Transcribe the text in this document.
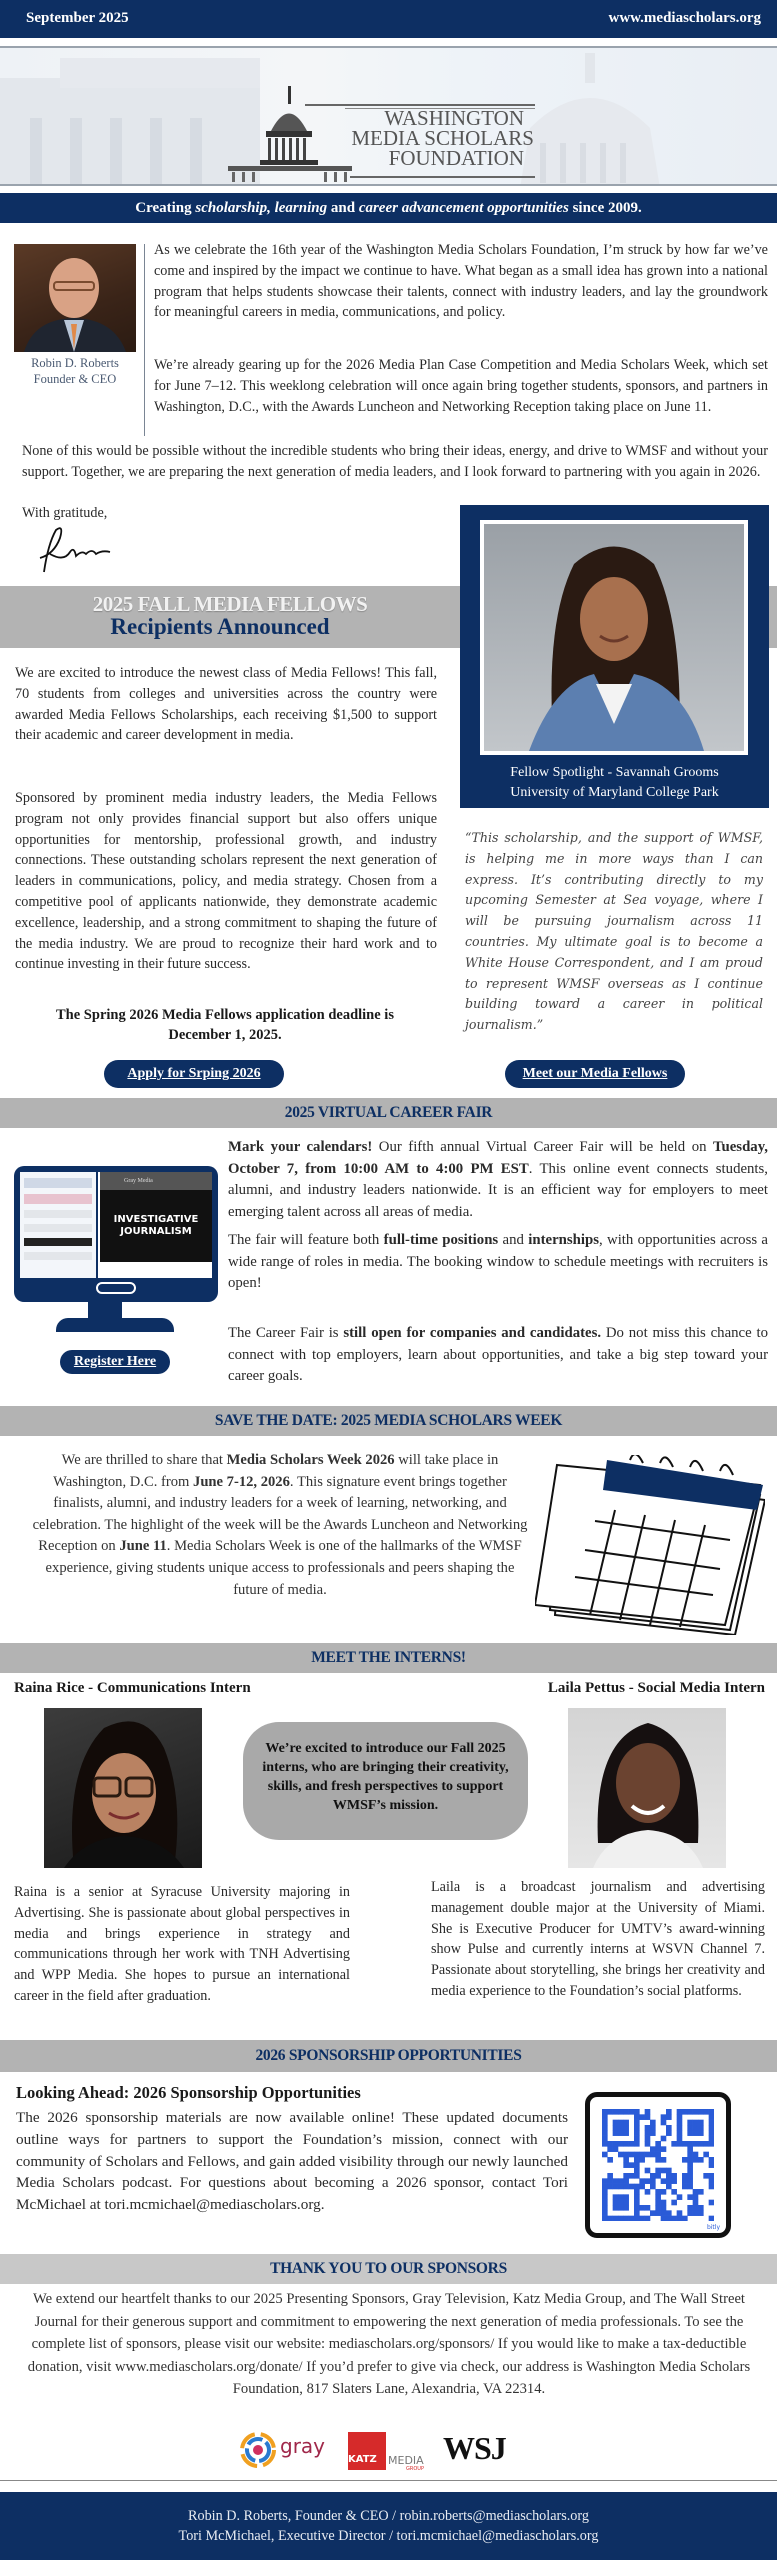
September 2025	www.mediascholars.org
WASHINGTON
MEDIA SCHOLARS
FOUNDATION
Creating scholarship, learning and career advancement opportunities since 2009.
Robin D. Roberts
Founder & CEO
As we celebrate the 16th year of the Washington Media Scholars Foundation, I’m struck by how far we’ve come and inspired by the impact we continue to have. What began as a small idea has grown into a national program that helps students showcase their talents, connect with industry leaders, and lay the groundwork for meaningful careers in media, communications, and policy.
We’re already gearing up for the 2026 Media Plan Case Competition and Media Scholars Week, which set for June 7–12. This weeklong celebration will once again bring together students, sponsors, and partners in Washington, D.C., with the Awards Luncheon and Networking Reception taking place on June 11.
None of this would be possible without the incredible students who bring their ideas, energy, and drive to WMSF and without your support. Together, we are preparing the next generation of media leaders, and I look forward to partnering with you again in 2026.
With gratitude,
2025 FALL MEDIA FELLOWS
Recipients Announced
Fellow Spotlight - Savannah Grooms
University of Maryland College Park
We are excited to introduce the newest class of Media Fellows! This fall, 70 students from colleges and universities across the country were awarded Media Fellows Scholarships, each receiving $1,500 to support their academic and career development in media.
Sponsored by prominent media industry leaders, the Media Fellows program not only provides financial support but also offers unique opportunities for mentorship, professional growth, and industry connections. These outstanding scholars represent the next generation of leaders in communications, policy, and media strategy. Chosen from a competitive pool of applicants nationwide, they demonstrate academic excellence, leadership, and a strong commitment to shaping the future of the media industry. We are proud to recognize their hard work and to continue investing in their future success.
The Spring 2026 Media Fellows application deadline is December 1, 2025.
“This scholarship, and the support of WMSF, is helping me in more ways than I can express. It’s contributing directly to my upcoming Semester at Sea voyage, where I will be pursuing journalism across 11 countries. My ultimate goal is to become a White House Correspondent, and I am proud to represent WMSF overseas as I continue building toward a career in political journalism.”
Apply for Srping 2026	Meet our Media Fellows
2025 VIRTUAL CAREER FAIR
Gray Media
INVESTIGATIVE
JOURNALISM
Register Here
Mark your calendars! Our fifth annual Virtual Career Fair will be held on Tuesday, October 7, from 10:00 AM to 4:00 PM EST. This online event connects students, alumni, and industry leaders nationwide. It is an efficient way for employers to meet emerging talent across all areas of media.
The fair will feature both full-time positions and internships, with opportunities across a wide range of roles in media. The booking window to schedule meetings with recruiters is open!
The Career Fair is still open for companies and candidates. Do not miss this chance to connect with top employers, learn about opportunities, and take a big step toward your career goals.
SAVE THE DATE: 2025 MEDIA SCHOLARS WEEK
We are thrilled to share that Media Scholars Week 2026 will take place in Washington, D.C. from June 7-12, 2026. This signature event brings together finalists, alumni, and industry leaders for a week of learning, networking, and celebration. The highlight of the week will be the Awards Luncheon and Networking Reception on June 11. Media Scholars Week is one of the hallmarks of the WMSF experience, giving students unique access to professionals and peers shaping the future of media.
MEET THE INTERNS!
Raina Rice - Communications Intern	Laila Pettus - Social Media Intern
We’re excited to introduce our Fall 2025 interns, who are bringing their creativity, skills, and fresh perspectives to support WMSF’s mission.
Raina is a senior at Syracuse University majoring in Advertising. She is passionate about global perspectives in media and brings experience in strategy and communications through her work with TNH Advertising and WPP Media. She hopes to pursue an international career in the field after graduation.
Laila is a broadcast journalism and advertising management double major at the University of Miami. She is Executive Producer for UMTV’s award-winning show Pulse and currently interns at WSVN Channel 7. Passionate about storytelling, she brings her creativity and media experience to the Foundation’s social platforms.
2026 SPONSORSHIP OPPORTUNITIES
Looking Ahead: 2026 Sponsorship Opportunities
The 2026 sponsorship materials are now available online! These updated documents outline ways for partners to support the Foundation’s mission, connect with our community of Scholars and Fellows, and gain added visibility through our newly launched Media Scholars podcast. For questions about becoming a 2026 sponsor, contact Tori McMichael at tori.mcmichael@mediascholars.org.
bitly
THANK YOU TO OUR SPONSORS
We extend our heartfelt thanks to our 2025 Presenting Sponsors, Gray Television, Katz Media Group, and The Wall Street Journal for their generous support and commitment to empowering the next generation of media professionals. To see the complete list of sponsors, please visit our website: mediascholars.org/sponsors/ If you would like to make a tax-deductible donation, visit www.mediascholars.org/donate/ If you’d prefer to give via check, our address is Washington Media Scholars Foundation, 817 Slaters Lane, Alexandria, VA 22314.
gray
KATZ MEDIA
GROUP
WSJ
Robin D. Roberts, Founder & CEO / robin.roberts@mediascholars.org
Tori McMichael, Executive Director / tori.mcmichael@mediascholars.org
